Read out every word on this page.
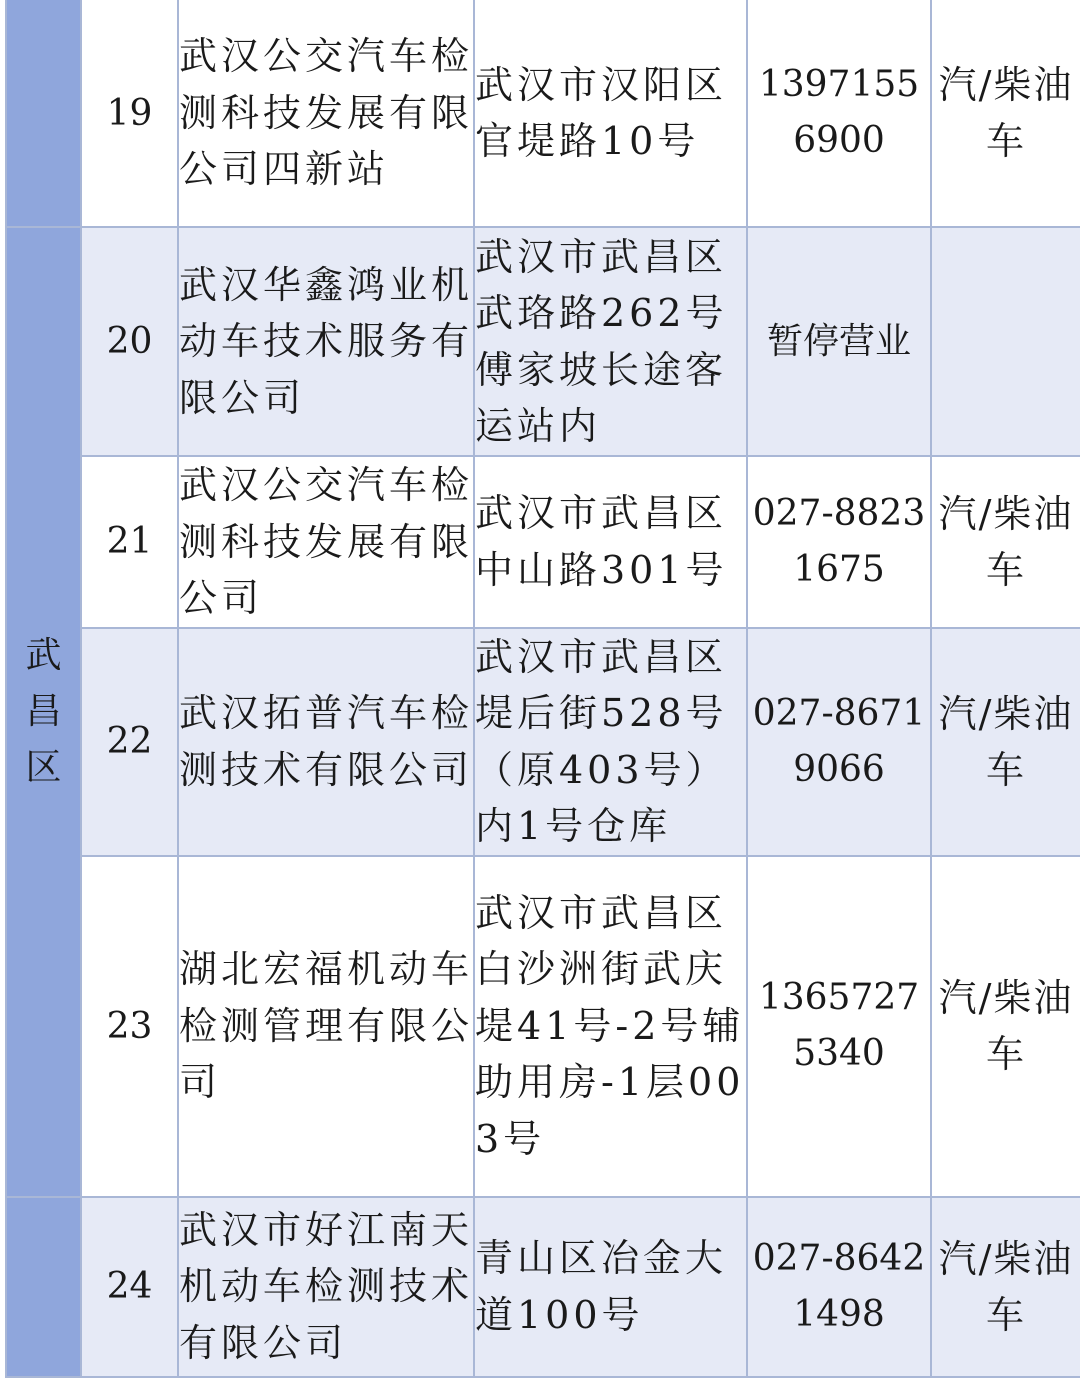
	19	武汉公交汽车检测科技发展有限公司四新站	武汉市汉阳区官堤路10号	13971556900	汽/柴油车
武昌区	20	武汉华鑫鸿业机动车技术服务有限公司	武汉市武昌区武珞路262号傅家坡长途客运站内	暂停营业	
	21	武汉公交汽车检测科技发展有限公司	武汉市武昌区中山路301号	027-88231675	汽/柴油车
	22	武汉拓普汽车检测技术有限公司	武汉市武昌区堤后街528号（原403号）内1号仓库	027-86719066	汽/柴油车
	23	湖北宏福机动车检测管理有限公司	武汉市武昌区白沙洲街武庆堤41号-2号辅助用房-1层003号	13657275340	汽/柴油车
	24	武汉市好江南天机动车检测技术有限公司	青山区冶金大道100号	027-86421498	汽/柴油车
